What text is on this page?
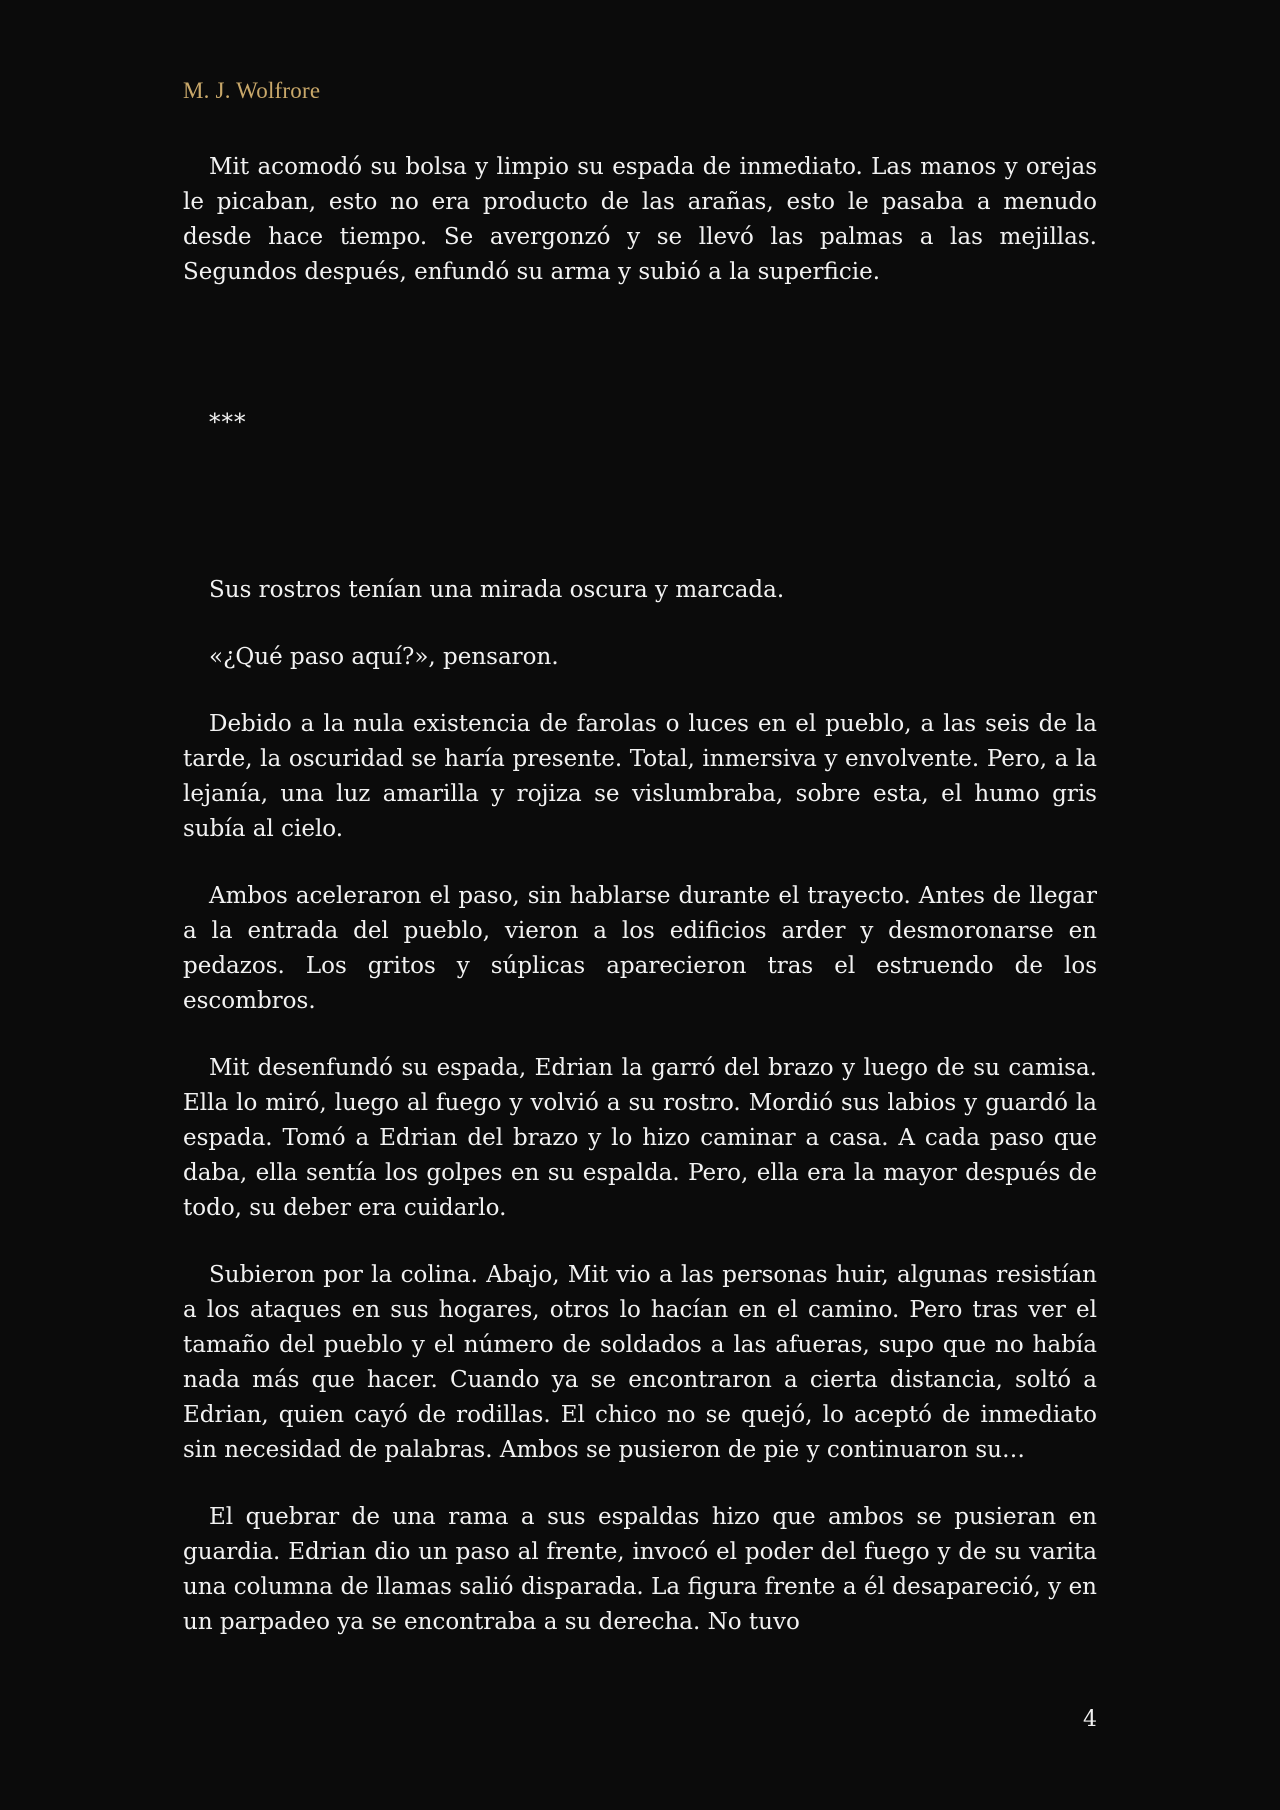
M. J. Wolfrore

Mit acomodó su bolsa y limpio su espada de inmediato. Las manos y orejas le picaban, esto no era producto de las arañas, esto le pasaba a menudo desde hace tiempo. Se avergonzó y se llevó las palmas a las mejillas. Segundos después, enfundó su arma y subió a la superficie.

***

Sus rostros tenían una mirada oscura y marcada.

«¿Qué paso aquí?», pensaron.

Debido a la nula existencia de farolas o luces en el pueblo, a las seis de la tarde, la oscuridad se haría presente. Total, inmersiva y envolvente. Pero, a la lejanía, una luz amarilla y rojiza se vislumbraba, sobre esta, el humo gris subía al cielo.

Ambos aceleraron el paso, sin hablarse durante el trayecto. Antes de llegar a la entrada del pueblo, vieron a los edificios arder y desmoronarse en pedazos. Los gritos y súplicas aparecieron tras el estruendo de los escombros.

Mit desenfundó su espada, Edrian la garró del brazo y luego de su camisa. Ella lo miró, luego al fuego y volvió a su rostro. Mordió sus labios y guardó la espada. Tomó a Edrian del brazo y lo hizo caminar a casa. A cada paso que daba, ella sentía los golpes en su espalda. Pero, ella era la mayor después de todo, su deber era cuidarlo.

Subieron por la colina. Abajo, Mit vio a las personas huir, algunas resistían a los ataques en sus hogares, otros lo hacían en el camino. Pero tras ver el tamaño del pueblo y el número de soldados a las afueras, supo que no había nada más que hacer. Cuando ya se encontraron a cierta distancia, soltó a Edrian, quien cayó de rodillas. El chico no se quejó, lo aceptó de inmediato sin necesidad de palabras. Ambos se pusieron de pie y continuaron su…

El quebrar de una rama a sus espaldas hizo que ambos se pusieran en guardia. Edrian dio un paso al frente, invocó el poder del fuego y de su varita una columna de llamas salió disparada. La figura frente a él desapareció, y en un parpadeo ya se encontraba a su derecha. No tuvo

4
